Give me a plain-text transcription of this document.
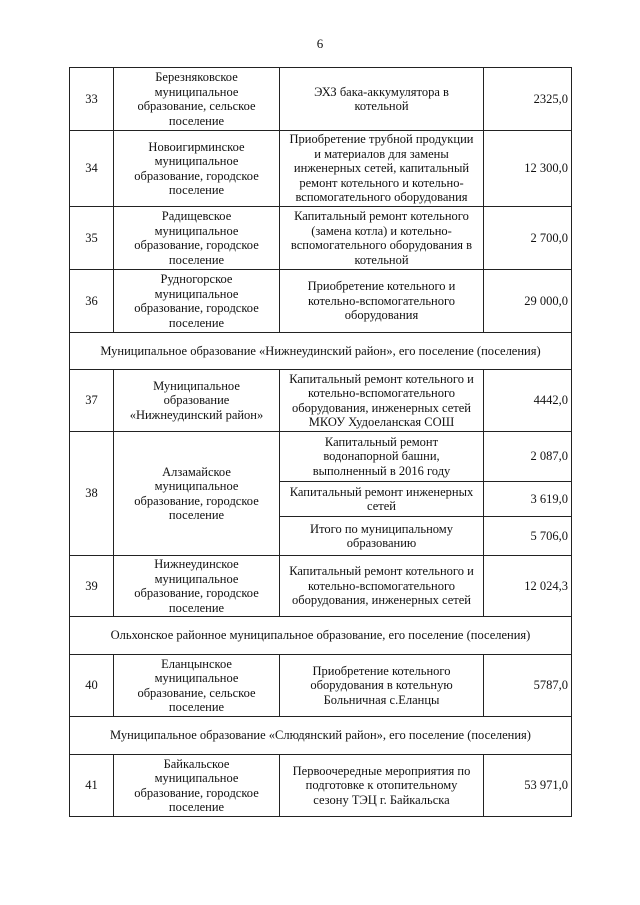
6
33	Березняковское
муниципальное
образование, сельское
поселение	ЭХЗ бака-аккумулятора в
котельной	2325,0
34	Новоигирминское
муниципальное
образование, городское
поселение	Приобретение трубной продукции
и материалов для замены
инженерных сетей, капитальный
ремонт котельного и котельно-
вспомогательного оборудования	12 300,0
35	Радищевское
муниципальное
образование, городское
поселение	Капитальный ремонт котельного
(замена котла) и котельно-
вспомогательного оборудования в
котельной	2 700,0
36	Рудногорское
муниципальное
образование, городское
поселение	Приобретение котельного и
котельно-вспомогательного
оборудования	29 000,0
Муниципальное образование «Нижнеудинский район», его поселение (поселения)			
37	Муниципальное
образование
«Нижнеудинский район»	Капитальный ремонт котельного и
котельно-вспомогательного
оборудования, инженерных сетей
МКОУ Худоеланская СОШ	4442,0
38	Алзамайское
муниципальное
образование, городское
поселение	Капитальный ремонт
водонапорной башни,
выполненный в 2016 году	2 087,0
		Капитальный ремонт инженерных
сетей	3 619,0
		Итого по муниципальному
образованию	5 706,0
39	Нижнеудинское
муниципальное
образование, городское
поселение	Капитальный ремонт котельного и
котельно-вспомогательного
оборудования, инженерных сетей	12 024,3
Ольхонское районное муниципальное образование, его поселение (поселения)			
40	Еланцынское
муниципальное
образование, сельское
поселение	Приобретение котельного
оборудования в котельную
Больничная с.Еланцы	5787,0
Муниципальное образование «Слюдянский район», его поселение (поселения)			
41	Байкальское
муниципальное
образование, городское
поселение	Первоочередные мероприятия по
подготовке к отопительному
сезону ТЭЦ г. Байкальска	53 971,0
